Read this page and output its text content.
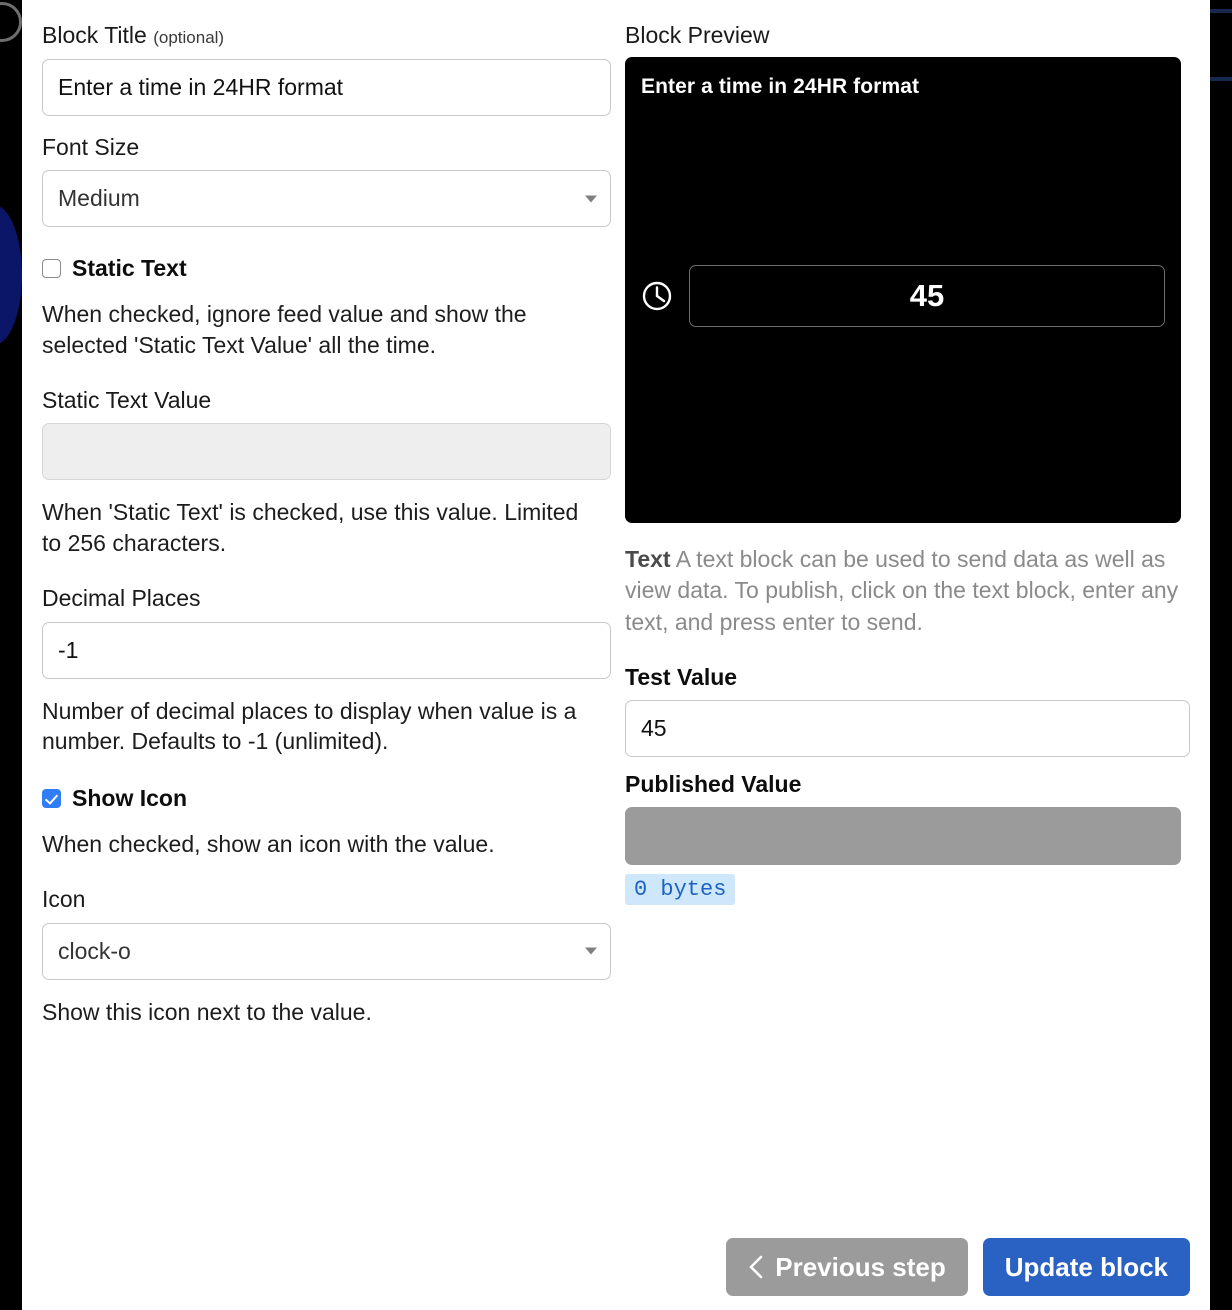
Block Title (optional)
Enter a time in 24HR format
Font Size
Medium
Static Text

When checked, ignore feed value and show the selected 'Static Text Value' all the time.

Static Text Value

When 'Static Text' is checked, use this value. Limited to 256 characters.

Decimal Places
-1

Number of decimal places to display when value is a number. Defaults to -1 (unlimited).

Show Icon

When checked, show an icon with the value.

Icon
clock-o

Show this icon next to the value.

Block Preview
Enter a time in 24HR format
45

Text A text block can be used to send data as well as view data. To publish, click on the text block, enter any text, and press enter to send.

Test Value
45
Published Value
0 bytes
Previous step Update block
